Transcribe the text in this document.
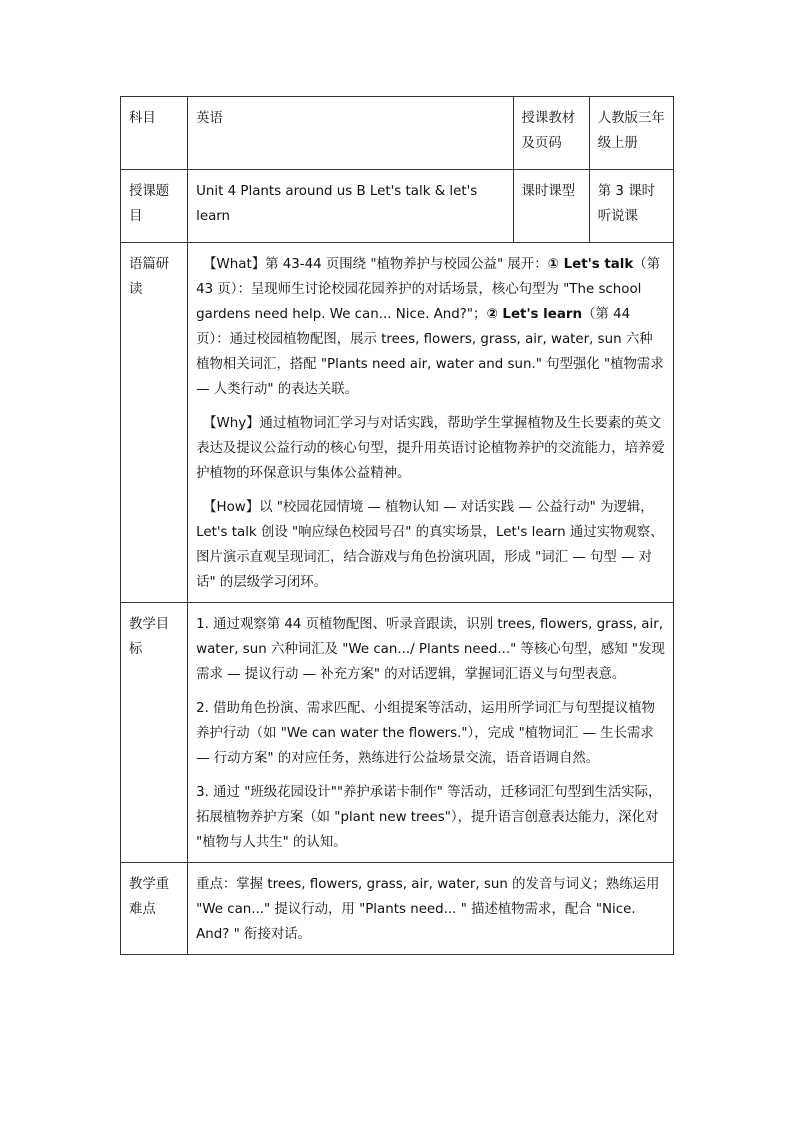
科目	英语	授课教材及页码	人教版三年级上册
授课题目	Unit 4 Plants around us B Let's talk & let's learn	课时课型	第 3 课时 听说课
语篇研读	【What】第 43-44 页围绕 "植物养护与校园公益" 展开：① Let's talk（第 43 页）：呈现师生讨论校园花园养护的对话场景，核心句型为 "The school gardens need help. We can... Nice. And?"；② Let's learn（第 44 页）：通过校园植物配图，展示 trees, flowers, grass, air, water, sun 六种植物相关词汇，搭配 "Plants need air, water and sun." 句型强化 "植物需求 — 人类行动" 的表达关联。

【Why】通过植物词汇学习与对话实践，帮助学生掌握植物及生长要素的英文表达及提议公益行动的核心句型，提升用英语讨论植物养护的交流能力，培养爱护植物的环保意识与集体公益精神。

【How】以 "校园花园情境 — 植物认知 — 对话实践 — 公益行动" 为逻辑，Let's talk 创设 "响应绿色校园号召" 的真实场景，Let's learn 通过实物观察、图片演示直观呈现词汇，结合游戏与角色扮演巩固，形成 "词汇 — 句型 — 对话" 的层级学习闭环。		

教学目标	1. 通过观察第 44 页植物配图、听录音跟读，识别 trees, flowers, grass, air, water, sun 六种词汇及 "We can.../ Plants need..." 等核心句型，感知 "发现需求 — 提议行动 — 补充方案" 的对话逻辑，掌握词汇语义与句型表意。

2. 借助角色扮演、需求匹配、小组提案等活动，运用所学词汇与句型提议植物养护行动（如 "We can water the flowers."），完成 "植物词汇 — 生长需求 — 行动方案" 的对应任务，熟练进行公益场景交流，语音语调自然。

3. 通过 "班级花园设计""养护承诺卡制作" 等活动，迁移词汇句型到生活实际，拓展植物养护方案（如 "plant new trees"），提升语言创意表达能力，深化对 "植物与人共生" 的认知。		

教学重难点	重点：掌握 trees, flowers, grass, air, water, sun 的发音与词义；熟练运用 "We can..." 提议行动，用 "Plants need... " 描述植物需求，配合 "Nice. And? " 衔接对话。		
